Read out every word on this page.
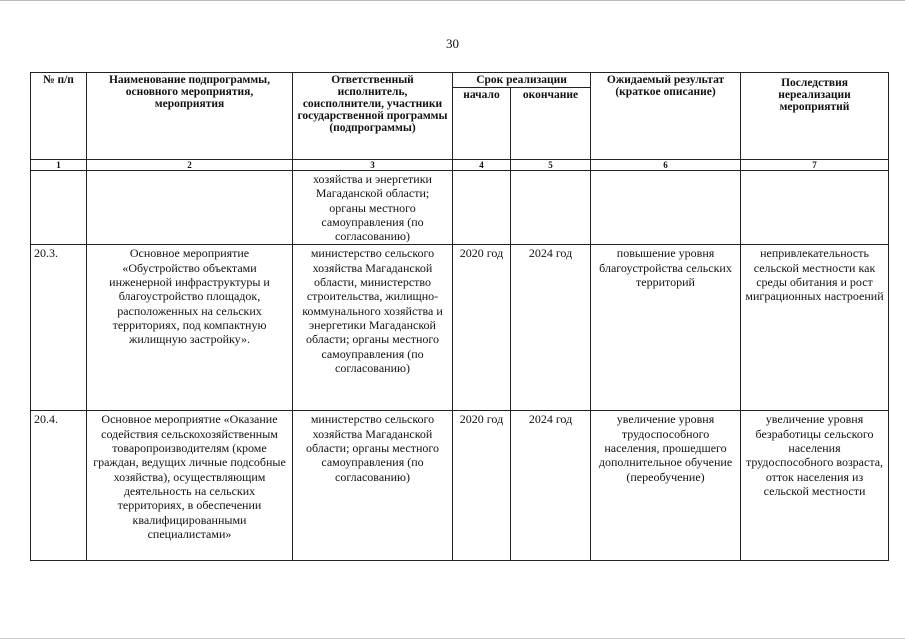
30
№ п/п	Наименование подпрограммы, основного мероприятия, мероприятия	Ответственный исполнитель, соисполнители, участники государственной программы (подпрограммы)	Срок реализации		Ожидаемый результат (краткое описание)	Последствия нереализации мероприятий
			начало	окончание		
1	2	3	4	5	6	7
		хозяйства и энергетики Магаданской области; органы местного самоуправления (по согласованию)				
20.3.	Основное мероприятие «Обустройство объектами инженерной инфраструктуры и благоустройство площадок, расположенных на сельских территориях, под компактную жилищную застройку».	министерство сельского хозяйства Магаданской области, министерство строительства, жилищно-коммунального хозяйства и энергетики Магаданской области; органы местного самоуправления (по согласованию)	2020 год	2024 год	повышение уровня благоустройства сельских территорий	непривлекательность сельской местности как среды обитания и рост миграционных настроений
20.4.	Основное мероприятие «Оказание содействия сельскохозяйственным товаропроизводителям (кроме граждан, ведущих личные подсобные хозяйства), осуществляющим деятельность на сельских территориях, в обеспечении квалифицированными специалистами»	министерство сельского хозяйства Магаданской области; органы местного самоуправления (по согласованию)	2020 год	2024 год	увеличение уровня трудоспособного населения, прошедшего дополнительное обучение (переобучение)	увеличение уровня безработицы сельского населения трудоспособного возраста, отток населения из сельской местности
